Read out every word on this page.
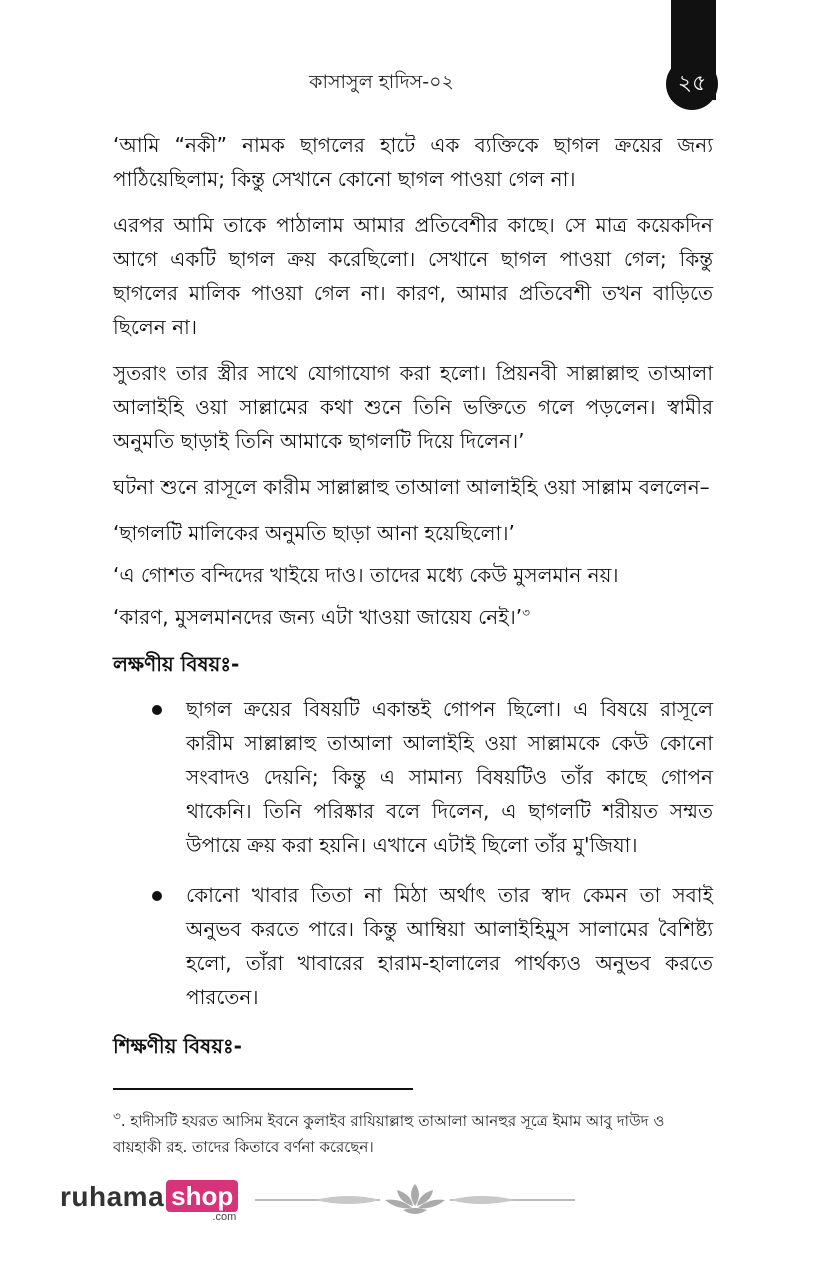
২৫
কাসাসুল হাদিস-০২

‘আমি “নকী” নামক ছাগলের হাটে এক ব্যক্তিকে ছাগল ক্রয়ের জন্য পাঠিয়েছিলাম; কিন্তু সেখানে কোনো ছাগল পাওয়া গেল না।

এরপর আমি তাকে পাঠালাম আমার প্রতিবেশীর কাছে। সে মাত্র কয়েকদিন আগে একটি ছাগল ক্রয় করেছিলো। সেখানে ছাগল পাওয়া গেল; কিন্তু ছাগলের মালিক পাওয়া গেল না। কারণ, আমার প্রতিবেশী তখন বাড়িতে ছিলেন না।

সুতরাং তার স্ত্রীর সাথে যোগাযোগ করা হলো। প্রিয়নবী সাল্লাল্লাহু তাআলা আলাইহি ওয়া সাল্লামের কথা শুনে তিনি ভক্তিতে গলে পড়লেন। স্বামীর অনুমতি ছাড়াই তিনি আমাকে ছাগলটি দিয়ে দিলেন।’

ঘটনা শুনে রাসূলে কারীম সাল্লাল্লাহু তাআলা আলাইহি ওয়া সাল্লাম বললেন–

‘ছাগলটি মালিকের অনুমতি ছাড়া আনা হয়েছিলো।’

‘এ গোশত বন্দিদের খাইয়ে দাও। তাদের মধ্যে কেউ মুসলমান নয়।

‘কারণ, মুসলমানদের জন্য এটা খাওয়া জায়েয নেই।’$^৩$

লক্ষণীয় বিষয়ঃ-
ছাগল ক্রয়ের বিষয়টি একান্তই গোপন ছিলো। এ বিষয়ে রাসূলে কারীম সাল্লাল্লাহু তাআলা আলাইহি ওয়া সাল্লামকে কেউ কোনো সংবাদও দেয়নি; কিন্তু এ সামান্য বিষয়টিও তাঁর কাছে গোপন থাকেনি। তিনি পরিষ্কার বলে দিলেন, এ ছাগলটি শরীয়ত সম্মত উপায়ে ক্রয় করা হয়নি। এখানে এটাই ছিলো তাঁর মু'জিযা।
কোনো খাবার তিতা না মিঠা অর্থাৎ তার স্বাদ কেমন তা সবাই অনুভব করতে পারে। কিন্তু আম্বিয়া আলাইহিমুস সালামের বৈশিষ্ট্য হলো, তাঁরা খাবারের হারাম-হালালের পার্থক্যও অনুভব করতে পারতেন।
শিক্ষণীয় বিষয়ঃ-
$^৩$. হাদীসটি হযরত আসিম ইবনে কুলাইব রাযিয়াল্লাহু তাআলা আনহুর সূত্রে ইমাম আবু দাউদ ও বায়হাকী রহ. তাদের কিতাবে বর্ণনা করেছেন।
ruhama shop
.com
